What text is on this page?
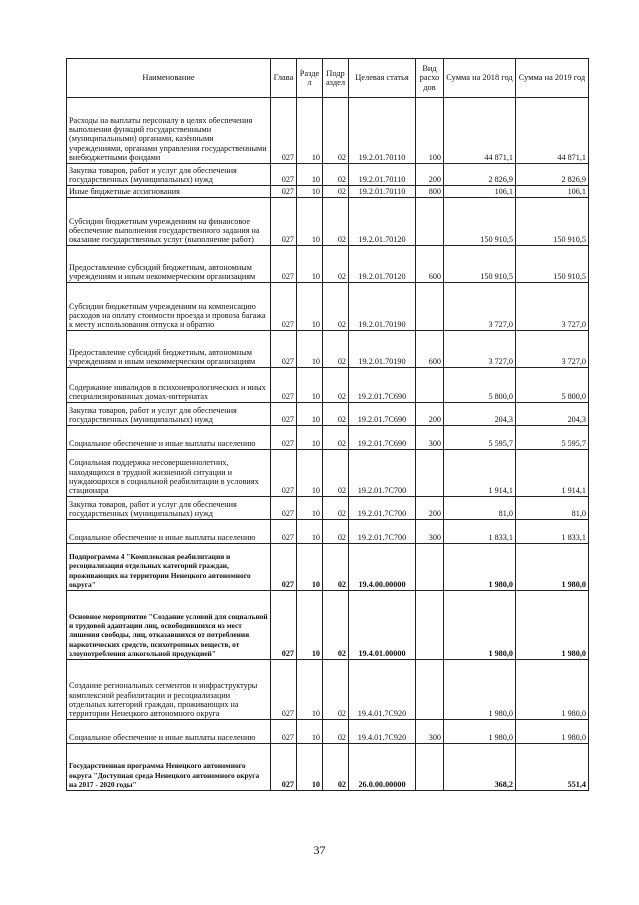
Наименование	Глава	Разде л	Подр аздел	Целевая статья	Вид расхо дов	Сумма на 2018 год	Сумма на 2019 год
Расходы на выплаты персоналу в целях обеспечения выполнения функций государственными (муниципальными) органами, казёнными учреждениями, органами управления государственными внебюджетными фондами	027	10	02	19.2.01.70110	100	44 871,1	44 871,1
Закупка товаров, работ и услуг для обеспечения государственных (муниципальных) нужд	027	10	02	19.2.01.70110	200	2 826,9	2 826,9
Иные бюджетные ассигнования	027	10	02	19.2.01.70110	800	106,1	106,1
Субсидии бюджетным учреждениям на финансовое обеспечение выполнения государственного задания на оказание государственных услуг (выполнение работ)	027	10	02	19.2.01.70120		150 910,5	150 910,5
Предоставление субсидий бюджетным, автономным учреждениям и иным некоммерческим организациям	027	10	02	19.2.01.70120	600	150 910,5	150 910,5
Субсидии бюджетным учреждениям на компенсацию расходов на оплату стоимости проезда и провоза багажа к месту использования отпуска и обратно	027	10	02	19.2.01.70190		3 727,0	3 727,0
Предоставление субсидий бюджетным, автономным учреждениям и иным некоммерческим организациям	027	10	02	19.2.01.70190	600	3 727,0	3 727,0
Содержание инвалидов в психоневрологических и иных специализированных домах-интернатах	027	10	02	19.2.01.7С690		5 800,0	5 800,0
Закупка товаров, работ и услуг для обеспечения государственных (муниципальных) нужд	027	10	02	19.2.01.7С690	200	204,3	204,3
Социальное обеспечение и иные выплаты населению	027	10	02	19.2.01.7С690	300	5 595,7	5 595,7
Социальная поддержка несовершеннолетних, находящихся в трудной жизненной ситуации и нуждающихся в социальной реабилитации в условиях стационара	027	10	02	19.2.01.7С700		1 914,1	1 914,1
Закупка товаров, работ и услуг для обеспечения государственных (муниципальных) нужд	027	10	02	19.2.01.7С700	200	81,0	81,0
Социальное обеспечение и иные выплаты населению	027	10	02	19.2.01.7С700	300	1 833,1	1 833,1
Подпрограмма 4 "Комплексная реабилитация и ресоциализация отдельных категорий граждан, проживающих на территории Ненецкого автономного округа"	027	10	02	19.4.00.00000		1 980,0	1 980,0
Основное мероприятие "Создание условий для социальной и трудовой адаптации лиц, освободившихся из мест лишения свободы, лиц, отказавшихся от потребления наркотических средств, психотропных веществ, от злоупотребления алкогольной продукцией"	027	10	02	19.4.01.00000		1 980,0	1 980,0
Создание региональных сегментов и инфраструктуры комплексной реабилитации и ресоциализации отдельных категорий граждан, проживающих на территории Ненецкого автономного округа	027	10	02	19.4.01.7С920		1 980,0	1 980,0
Социальное обеспечение и иные выплаты населению	027	10	02	19.4.01.7С920	300	1 980,0	1 980,0
Государственная программа Ненецкого автономного округа "Доступная среда Ненецкого автономного округа на 2017 - 2020 годы"	027	10	02	26.0.00.00000		368,2	551,4
37
